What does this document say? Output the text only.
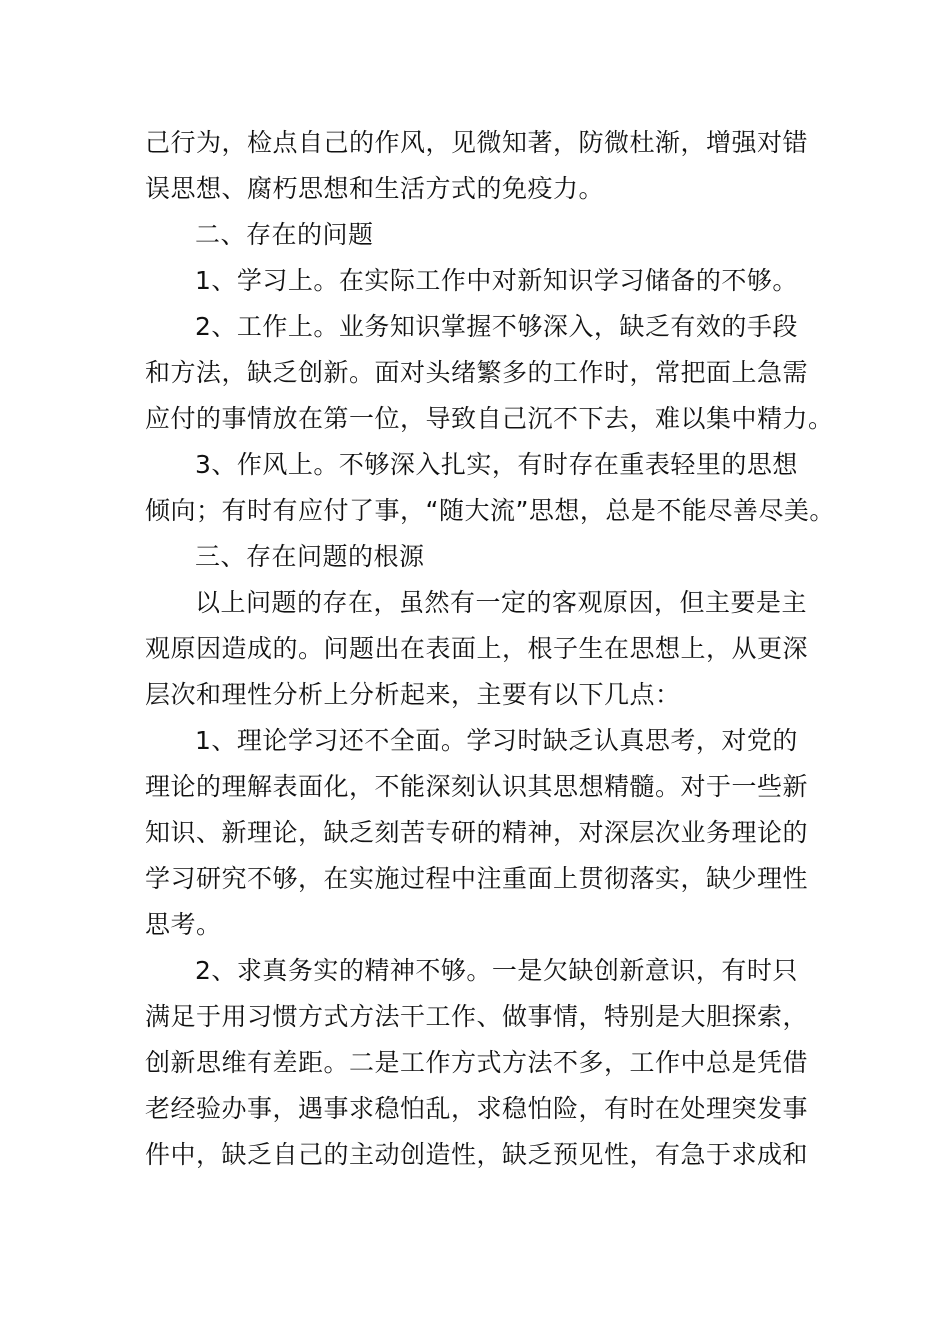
己行为，检点自己的作风，见微知著，防微杜渐，增强对错
误思想、腐朽思想和生活方式的免疫力。

二、存在的问题

1、学习上。在实际工作中对新知识学习储备的不够。

2、工作上。业务知识掌握不够深入，缺乏有效的手段
和方法，缺乏创新。面对头绪繁多的工作时，常把面上急需
应付的事情放在第一位，导致自己沉不下去，难以集中精力。

3、作风上。不够深入扎实，有时存在重表轻里的思想
倾向；有时有应付了事，“随大流”思想，总是不能尽善尽美。

三、存在问题的根源

以上问题的存在，虽然有一定的客观原因，但主要是主
观原因造成的。问题出在表面上，根子生在思想上，从更深
层次和理性分析上分析起来，主要有以下几点：

1、理论学习还不全面。学习时缺乏认真思考，对党的
理论的理解表面化，不能深刻认识其思想精髓。对于一些新
知识、新理论，缺乏刻苦专研的精神，对深层次业务理论的
学习研究不够，在实施过程中注重面上贯彻落实，缺少理性
思考。

2、求真务实的精神不够。一是欠缺创新意识，有时只
满足于用习惯方式方法干工作、做事情，特别是大胆探索，
创新思维有差距。二是工作方式方法不多，工作中总是凭借
老经验办事，遇事求稳怕乱，求稳怕险，有时在处理突发事
件中，缺乏自己的主动创造性，缺乏预见性，有急于求成和
